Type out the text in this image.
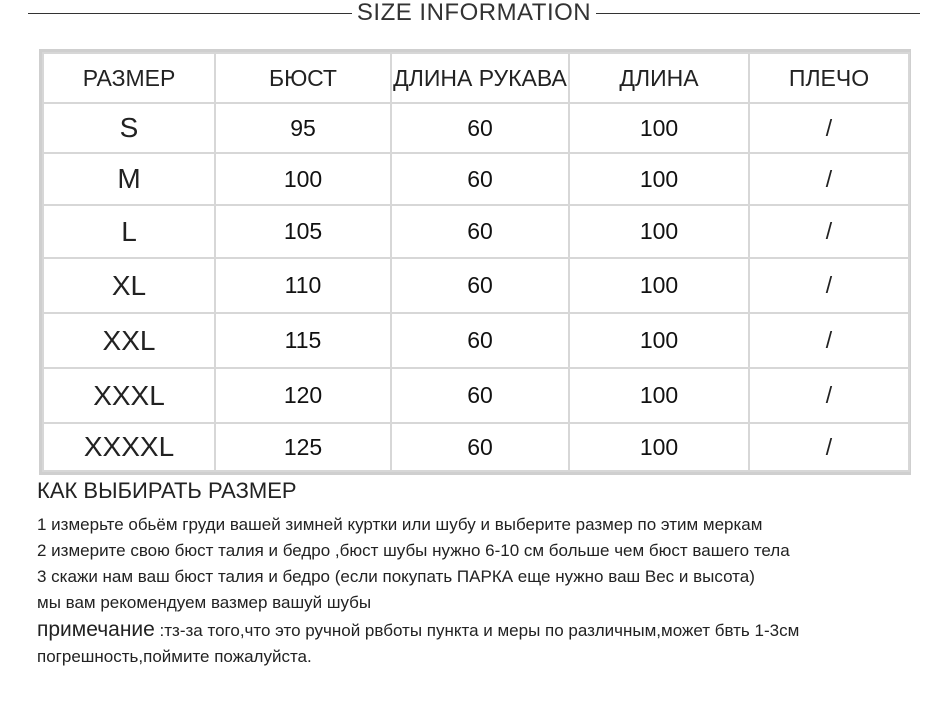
SIZE INFORMATION
РАЗМЕР	БЮСТ	ДЛИНА РУКАВА	ДЛИНА	ПЛЕЧО
S	95	60	100	/
M	100	60	100	/
L	105	60	100	/
XL	110	60	100	/
XXL	115	60	100	/
XXXL	120	60	100	/
XXXXL	125	60	100	/
КАК ВЫБИРАТЬ РАЗМЕР
1 измерьте обьём груди вашей зимней куртки или шубу и выберите размер по этим меркам
2 измерите свою бюст талия и бедро ,бюст шубы нужно 6-10 см больше чем бюст вашего тела
3 скажи нам ваш бюст талия и бедро (если покупать ПАРКА еще нужно ваш Вес и высота)
мы вам рекомендуем вазмер вашуй шубы
примечание :тз-за того,что это ручной рвботы пункта и меры по различным,может бвть 1-3см
погрешность,поймите пожалуйста.
